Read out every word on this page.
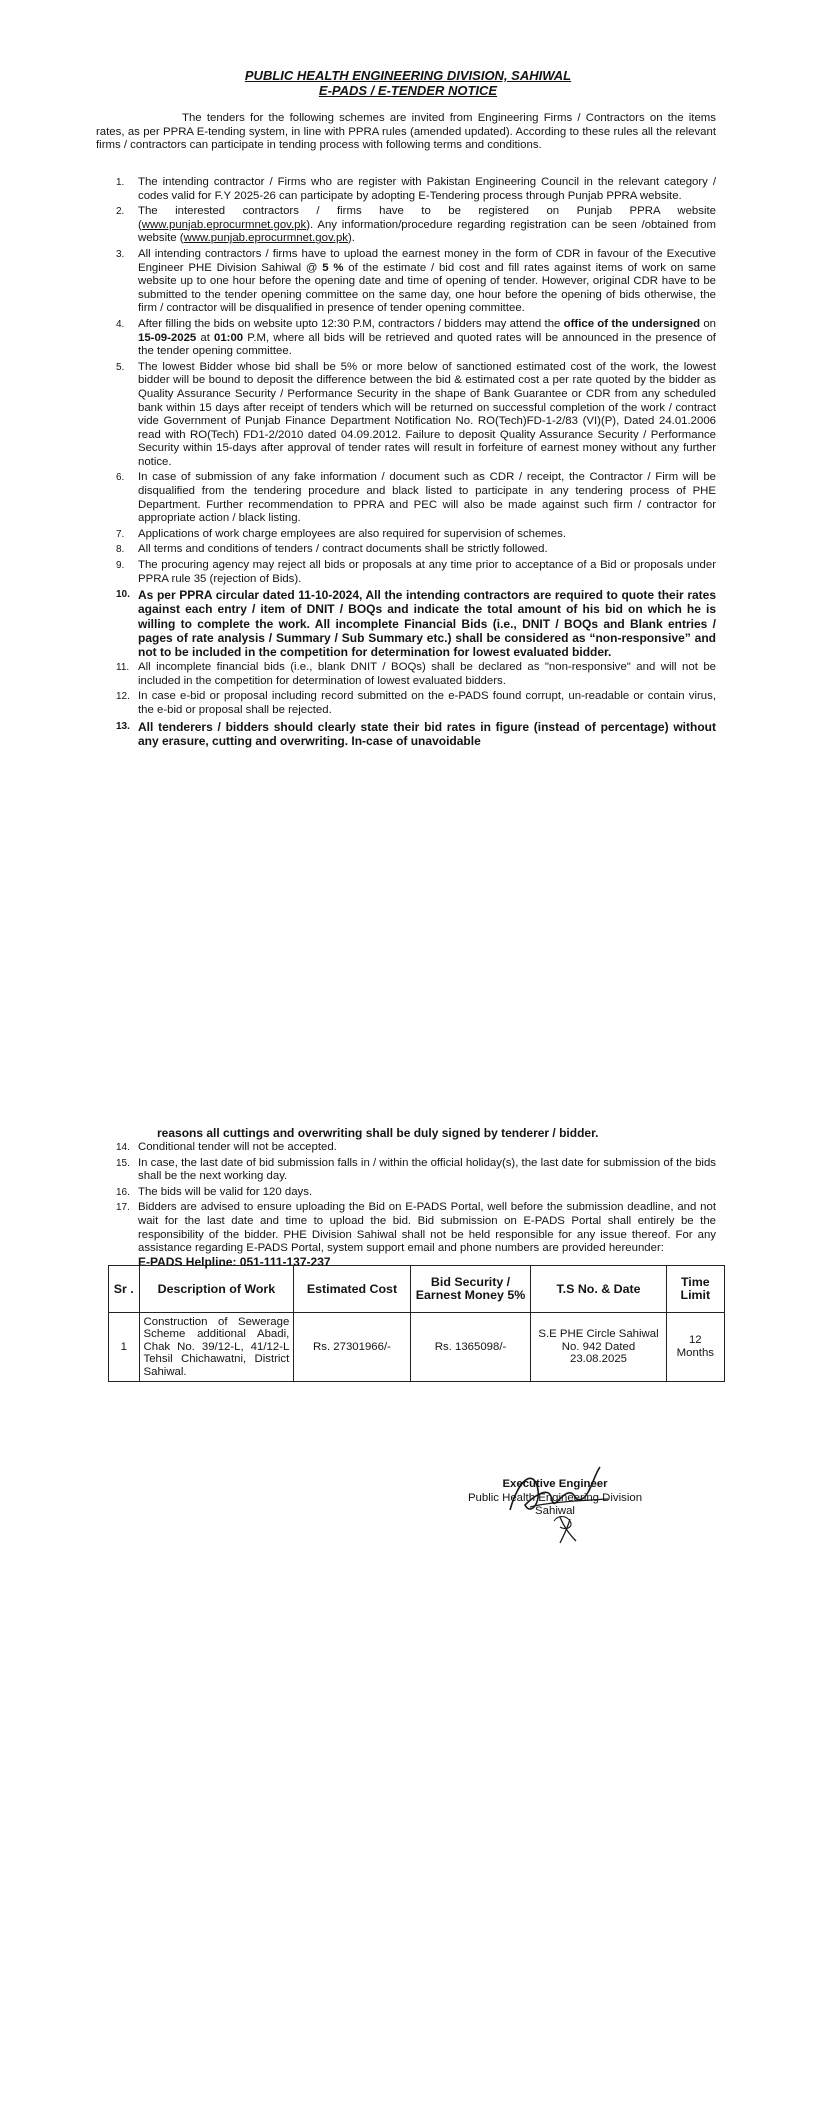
PUBLIC HEALTH ENGINEERING DIVISION, SAHIWAL
E-PADS / E-TENDER NOTICE
The tenders for the following schemes are invited from Engineering Firms / Contractors on the items rates, as per PPRA E-tending system, in line with PPRA rules (amended updated). According to these rules all the relevant firms / contractors can participate in tending process with following terms and conditions.
1. The intending contractor / Firms who are register with Pakistan Engineering Council in the relevant category / codes valid for F.Y 2025-26 can participate by adopting E-Tendering process through Punjab PPRA website.
2. The interested contractors / firms have to be registered on Punjab PPRA website (www.punjab.eprocurmnet.gov.pk). Any information/procedure regarding registration can be seen /obtained from website (www.punjab.eprocurmnet.gov.pk).
3. All intending contractors / firms have to upload the earnest money in the form of CDR in favour of the Executive Engineer PHE Division Sahiwal @ 5 % of the estimate / bid cost and fill rates against items of work on same website up to one hour before the opening date and time of opening of tender. However, original CDR have to be submitted to the tender opening committee on the same day, one hour before the opening of bids otherwise, the firm / contractor will be disqualified in presence of tender opening committee.
4. After filling the bids on website upto 12:30 P.M, contractors / bidders may attend the office of the undersigned on 15-09-2025 at 01:00 P.M, where all bids will be retrieved and quoted rates will be announced in the presence of the tender opening committee.
5. The lowest Bidder whose bid shall be 5% or more below of sanctioned estimated cost of the work, the lowest bidder will be bound to deposit the difference between the bid & estimated cost a per rate quoted by the bidder as Quality Assurance Security / Performance Security in the shape of Bank Guarantee or CDR from any scheduled bank within 15 days after receipt of tenders which will be returned on successful completion of the work / contract vide Government of Punjab Finance Department Notification No. RO(Tech)FD-1-2/83 (VI)(P), Dated 24.01.2006 read with RO(Tech) FD1-2/2010 dated 04.09.2012. Failure to deposit Quality Assurance Security / Performance Security within 15-days after approval of tender rates will result in forfeiture of earnest money without any further notice.
6. In case of submission of any fake information / document such as CDR / receipt, the Contractor / Firm will be disqualified from the tendering procedure and black listed to participate in any tendering process of PHE Department. Further recommendation to PPRA and PEC will also be made against such firm / contractor for appropriate action / black listing.
7. Applications of work charge employees are also required for supervision of schemes.
8. All terms and conditions of tenders / contract documents shall be strictly followed.
9. The procuring agency may reject all bids or proposals at any time prior to acceptance of a Bid or proposals under PPRA rule 35 (rejection of Bids).
10. As per PPRA circular dated 11-10-2024, All the intending contractors are required to quote their rates against each entry / item of DNIT / BOQs and indicate the total amount of his bid on which he is willing to complete the work. All incomplete Financial Bids (i.e., DNIT / BOQs and Blank entries / pages of rate analysis / Summary / Sub Summary etc.) shall be considered as “non-responsive” and not to be included in the competition for determination for lowest evaluated bidder.
11. All incomplete financial bids (i.e., blank DNIT / BOQs) shall be declared as "non-responsive" and will not be included in the competition for determination of lowest evaluated bidders.
12. In case e-bid or proposal including record submitted on the e-PADS found corrupt, un-readable or contain virus, the e-bid or proposal shall be rejected.
13. All tenderers / bidders should clearly state their bid rates in figure (instead of percentage) without any erasure, cutting and overwriting. In-case of unavoidable
reasons all cuttings and overwriting shall be duly signed by tenderer / bidder.
14. Conditional tender will not be accepted.
15. In case, the last date of bid submission falls in / within the official holiday(s), the last date for submission of the bids shall be the next working day.
16. The bids will be valid for 120 days.
17. Bidders are advised to ensure uploading the Bid on E-PADS Portal, well before the submission deadline, and not wait for the last date and time to upload the bid. Bid submission on E-PADS Portal shall entirely be the responsibility of the bidder. PHE Division Sahiwal shall not be held responsible for any issue thereof. For any assistance regarding E-PADS Portal, system support email and phone numbers are provided hereunder:
E-PADS Helpline: 051-111-137-237
Sr .	Description of Work	Estimated Cost	Bid Security / Earnest Money 5%	T.S No. & Date	Time Limit
1	Construction of Sewerage Scheme additional Abadi, Chak No. 39/12-L, 41/12-L Tehsil Chichawatni, District Sahiwal.	Rs. 27301966/-	Rs. 1365098/-	S.E PHE Circle Sahiwal No. 942 Dated 23.08.2025	12 Months
Executive Engineer
Public Health Engineering Division
Sahiwal
